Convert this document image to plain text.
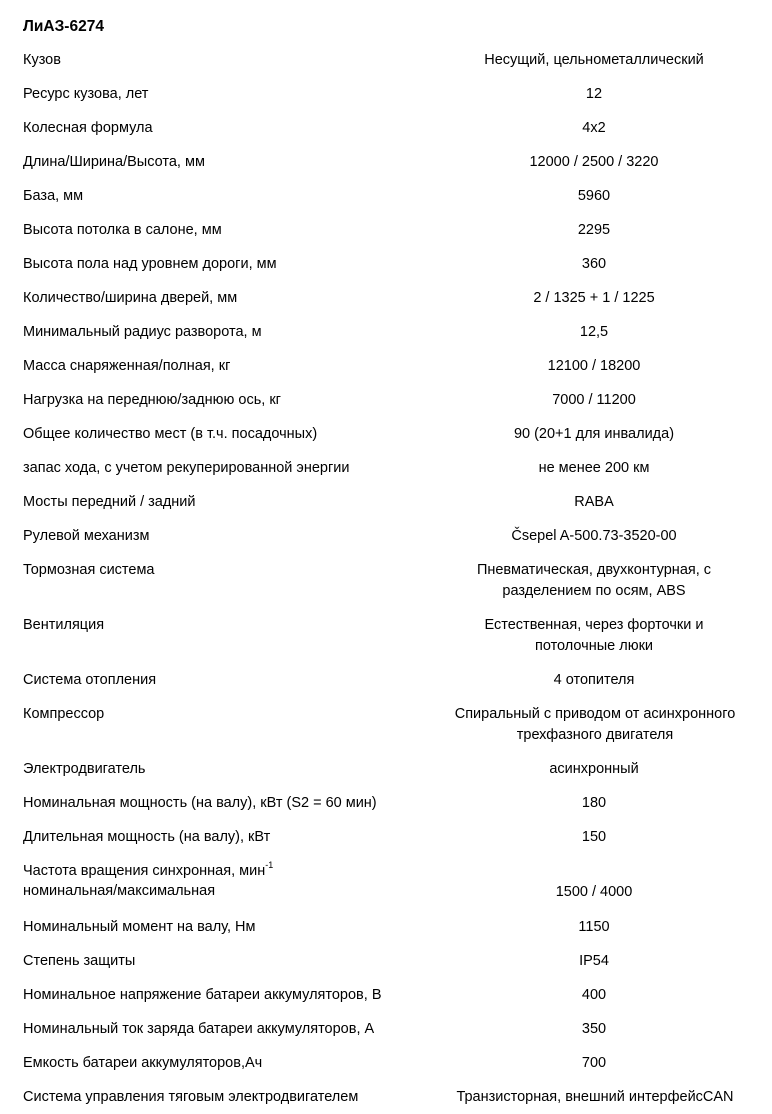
ЛиАЗ-6274
Кузов	Несущий, цельнометаллический
Ресурс кузова, лет	12
Колесная формула	4x2
Длина/Ширина/Высота, мм	12000 / 2500 / 3220
База, мм	5960
Высота потолка в салоне, мм	2295
Высота пола над уровнем дороги, мм	360
Количество/ширина дверей, мм	2 / 1325 + 1 / 1225
Минимальный радиус разворота, м	12,5
Масса снаряженная/полная, кг	12100 / 18200
Нагрузка на переднюю/заднюю ось, кг	7000 / 11200
Общее количество мест (в т.ч. посадочных)	90 (20+1 для инвалида)
запас хода, с учетом рекуперированной энергии	не менее 200 км
Мосты передний / задний	RABA
Рулевой механизм	Čsepel A-500.73-3520-00
Тормозная система	Пневматическая, двухконтурная, с
разделением по осям, ABS
Вентиляция	Естественная, через форточки и
потолочные люки
Система отопления	4 отопителя
Компрессор	Спиральный с приводом от асинхронного
трехфазного двигателя
Электродвигатель	асинхронный
Номинальная мощность (на валу), кВт (S2 = 60 мин)	180
Длительная мощность (на валу), кВт	150
Частота вращения синхронная, мин$^{-1}$
номинальная/максимальная	1500 / 4000
Номинальный момент на валу, Нм	1150
Степень защиты	IP54
Номинальное напряжение батареи аккумуляторов, В	400
Номинальный ток заряда батареи аккумуляторов, А	350
Емкость батареи аккумуляторов,Ач	700
Система управления тяговым электродвигателем	Транзисторная, внешний интерфейсCAN
